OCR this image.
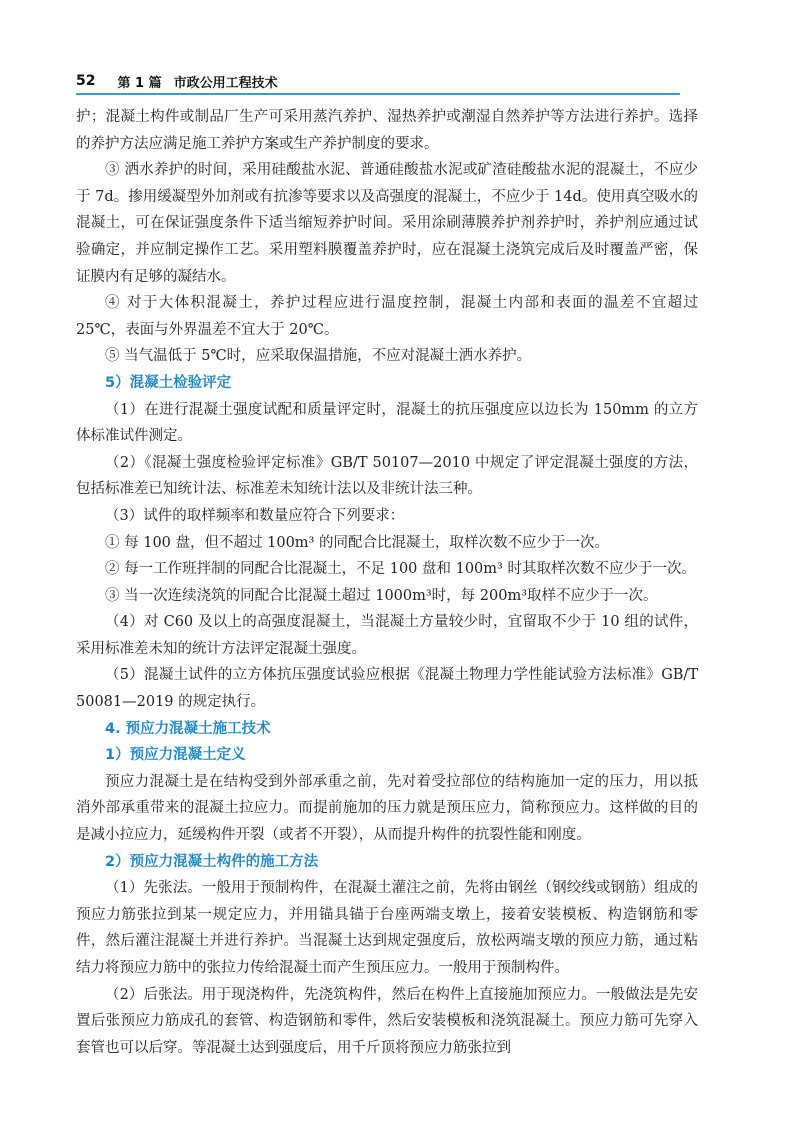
52 第 1 篇 市政公用工程技术

护；混凝土构件或制品厂生产可采用蒸汽养护、湿热养护或潮湿自然养护等方法进行养护。选择的养护方法应满足施工养护方案或生产养护制度的要求。

③ 洒水养护的时间，采用硅酸盐水泥、普通硅酸盐水泥或矿渣硅酸盐水泥的混凝土，不应少于 7d。掺用缓凝型外加剂或有抗渗等要求以及高强度的混凝土，不应少于 14d。使用真空吸水的混凝土，可在保证强度条件下适当缩短养护时间。采用涂刷薄膜养护剂养护时，养护剂应通过试验确定，并应制定操作工艺。采用塑料膜覆盖养护时，应在混凝土浇筑完成后及时覆盖严密，保证膜内有足够的凝结水。

④ 对于大体积混凝土，养护过程应进行温度控制，混凝土内部和表面的温差不宜超过 25℃，表面与外界温差不宜大于 20℃。

⑤ 当气温低于 5℃时，应采取保温措施，不应对混凝土洒水养护。

5）混凝土检验评定

（1）在进行混凝土强度试配和质量评定时，混凝土的抗压强度应以边长为 150mm 的立方体标准试件测定。

（2）《混凝土强度检验评定标准》GB/T 50107—2010 中规定了评定混凝土强度的方法，包括标准差已知统计法、标准差未知统计法以及非统计法三种。

（3）试件的取样频率和数量应符合下列要求：

① 每 100 盘，但不超过 100m³ 的同配合比混凝土，取样次数不应少于一次。

② 每一工作班拌制的同配合比混凝土，不足 100 盘和 100m³ 时其取样次数不应少于一次。

③ 当一次连续浇筑的同配合比混凝土超过 1000m³时，每 200m³取样不应少于一次。

（4）对 C60 及以上的高强度混凝土，当混凝土方量较少时，宜留取不少于 10 组的试件，采用标准差未知的统计方法评定混凝土强度。

（5）混凝土试件的立方体抗压强度试验应根据《混凝土物理力学性能试验方法标准》GB/T 50081—2019 的规定执行。

4. 预应力混凝土施工技术

1）预应力混凝土定义

预应力混凝土是在结构受到外部承重之前，先对着受拉部位的结构施加一定的压力，用以抵消外部承重带来的混凝土拉应力。而提前施加的压力就是预压应力，简称预应力。这样做的目的是减小拉应力，延缓构件开裂（或者不开裂），从而提升构件的抗裂性能和刚度。

2）预应力混凝土构件的施工方法

（1）先张法。一般用于预制构件，在混凝土灌注之前，先将由钢丝（钢绞线或钢筋）组成的预应力筋张拉到某一规定应力，并用锚具锚于台座两端支墩上，接着安装模板、构造钢筋和零件，然后灌注混凝土并进行养护。当混凝土达到规定强度后，放松两端支墩的预应力筋，通过粘结力将预应力筋中的张拉力传给混凝土而产生预压应力。一般用于预制构件。

（2）后张法。用于现浇构件，先浇筑构件，然后在构件上直接施加预应力。一般做法是先安置后张预应力筋成孔的套管、构造钢筋和零件，然后安装模板和浇筑混凝土。预应力筋可先穿入套管也可以后穿。等混凝土达到强度后，用千斤顶将预应力筋张拉到
